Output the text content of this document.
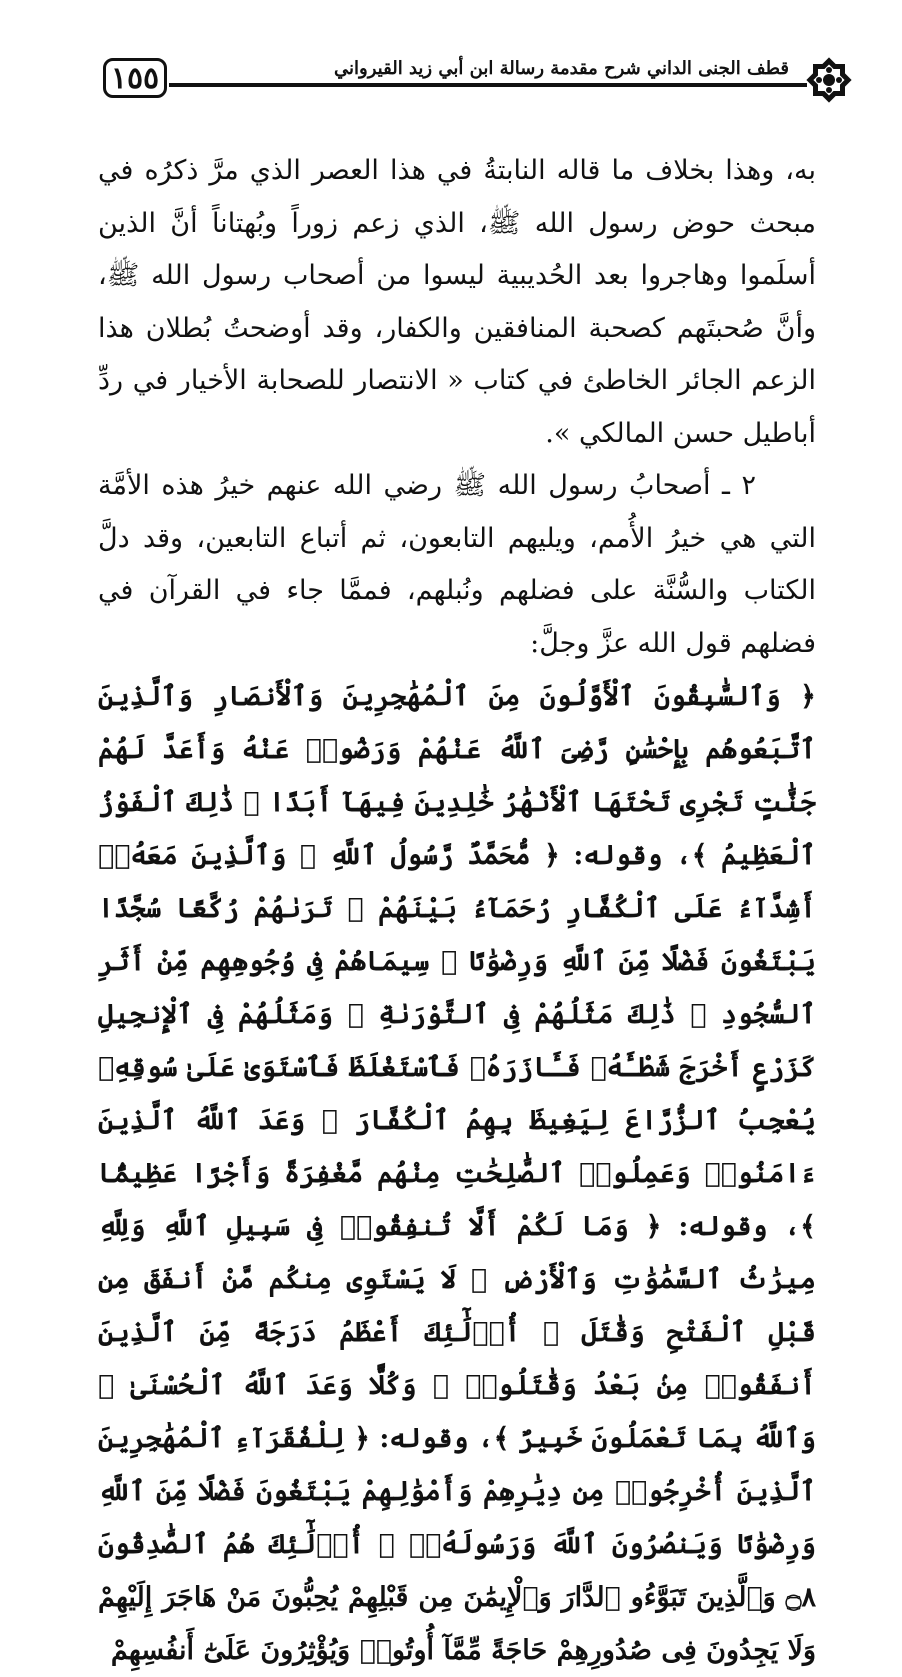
١٥٥	قطف الجنى الداني شرح مقدمة رسالة ابن أبي زيد القيرواني

به، وهذا بخلاف ما قاله النابتةُ في هذا العصر الذي مرَّ ذكرُه في مبحث حوض رسول الله ﷺ، الذي زعم زوراً وبُهتاناً أنَّ الذين أسلَموا وهاجروا بعد الحُديبية ليسوا من أصحاب رسول الله ﷺ، وأنَّ صُحبتَهم كصحبة المنافقين والكفار، وقد أوضحتُ بُطلان هذا الزعم الجائر الخاطئ في كتاب « الانتصار للصحابة الأخيار في ردِّ أباطيل حسن المالكي ».

٢ ـ أصحابُ رسول الله ﷺ رضي الله عنهم خيرُ هذه الأمَّة التي هي خيرُ الأُمم، ويليهم التابعون، ثم أتباع التابعين، وقد دلَّ الكتاب والسُّنَّة على فضلهم ونُبلهم، فممَّا جاء في القرآن في فضلهم قول الله عزَّ وجلَّ:

﴿ وَٱلسَّٰبِقُونَ ٱلْأَوَّلُونَ مِنَ ٱلْمُهَٰجِرِينَ وَٱلْأَنصَارِ وَٱلَّذِينَ ٱتَّبَعُوهُم بِإِحْسَٰنٍ رَّضِىَ ٱللَّهُ عَنْهُمْ وَرَضُوا۟ عَنْهُ وَأَعَدَّ لَهُمْ جَنَّٰتٍ تَجْرِى تَحْتَهَا ٱلْأَنْهَٰرُ خَٰلِدِينَ فِيهَآ أَبَدًا ۚ ذَٰلِكَ ٱلْفَوْزُ ٱلْعَظِيمُ ﴾، وقوله: ﴿ مُّحَمَّدٌ رَّسُولُ ٱللَّهِ ۚ وَٱلَّذِينَ مَعَهُۥٓ أَشِدَّآءُ عَلَى ٱلْكُفَّارِ رُحَمَآءُ بَيْنَهُمْ ۖ تَرَىٰهُمْ رُكَّعًا سُجَّدًا يَبْتَغُونَ فَضْلًا مِّنَ ٱللَّهِ وَرِضْوَٰنًا ۖ سِيمَاهُمْ فِى وُجُوهِهِم مِّنْ أَثَرِ ٱلسُّجُودِ ۚ ذَٰلِكَ مَثَلُهُمْ فِى ٱلتَّوْرَىٰةِ ۚ وَمَثَلُهُمْ فِى ٱلْإِنجِيلِ كَزَرْعٍ أَخْرَجَ شَطْـَٔهُۥ فَـَٔازَرَهُۥ فَٱسْتَغْلَظَ فَٱسْتَوَىٰ عَلَىٰ سُوقِهِۦ يُعْجِبُ ٱلزُّرَّاعَ لِيَغِيظَ بِهِمُ ٱلْكُفَّارَ ۗ وَعَدَ ٱللَّهُ ٱلَّذِينَ ءَامَنُوا۟ وَعَمِلُوا۟ ٱلصَّٰلِحَٰتِ مِنْهُم مَّغْفِرَةً وَأَجْرًا عَظِيمًۢا ﴾، وقوله: ﴿ وَمَا لَكُمْ أَلَّا تُنفِقُوا۟ فِى سَبِيلِ ٱللَّهِ وَلِلَّهِ مِيرَٰثُ ٱلسَّمَٰوَٰتِ وَٱلْأَرْضِ ۚ لَا يَسْتَوِى مِنكُم مَّنْ أَنفَقَ مِن قَبْلِ ٱلْفَتْحِ وَقَٰتَلَ ۚ أُو۟لَٰٓئِكَ أَعْظَمُ دَرَجَةً مِّنَ ٱلَّذِينَ أَنفَقُوا۟ مِنۢ بَعْدُ وَقَٰتَلُوا۟ ۚ وَكُلًّا وَعَدَ ٱللَّهُ ٱلْحُسْنَىٰ ۚ وَٱللَّهُ بِمَا تَعْمَلُونَ خَبِيرٌ ﴾، وقوله: ﴿ لِلْفُقَرَآءِ ٱلْمُهَٰجِرِينَ ٱلَّذِينَ أُخْرِجُوا۟ مِن دِيَٰرِهِمْ وَأَمْوَٰلِهِمْ يَبْتَغُونَ فَضْلًا مِّنَ ٱللَّهِ وَرِضْوَٰنًا وَيَنصُرُونَ ٱللَّهَ وَرَسُولَهُۥٓ ۚ أُو۟لَٰٓئِكَ هُمُ ٱلصَّٰدِقُونَ ۝٨ وَٱلَّذِينَ تَبَوَّءُو ٱلدَّارَ وَٱلْإِيمَٰنَ مِن قَبْلِهِمْ يُحِبُّونَ مَنْ هَاجَرَ إِلَيْهِمْ وَلَا يَجِدُونَ فِى صُدُورِهِمْ حَاجَةً مِّمَّآ أُوتُوا۟ وَيُؤْثِرُونَ عَلَىٰٓ أَنفُسِهِمْ
